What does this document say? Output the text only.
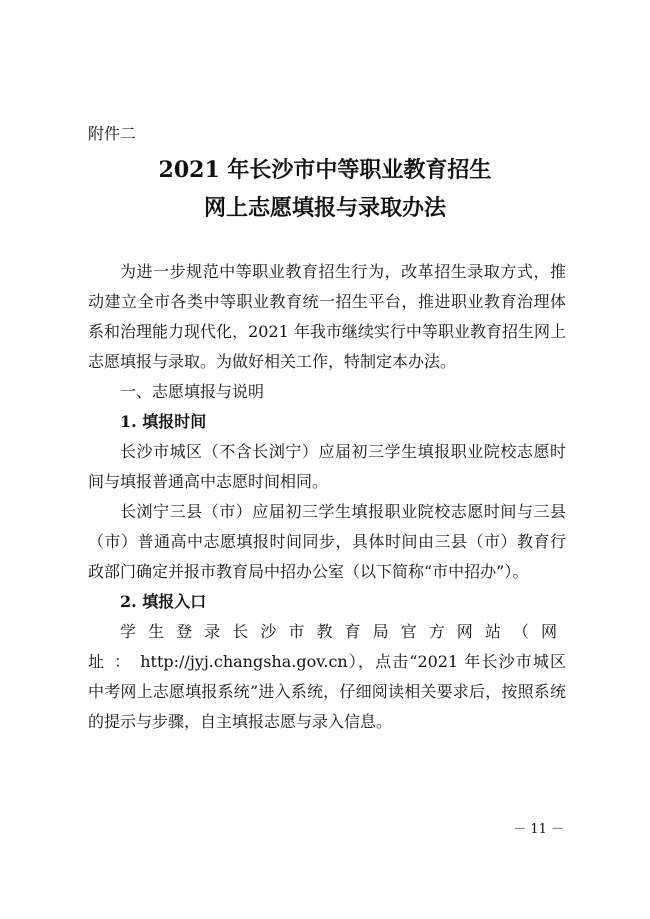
附件二
2021 年长沙市中等职业教育招生
网上志愿填报与录取办法

为进一步规范中等职业教育招生行为，改革招生录取方式，推动建立全市各类中等职业教育统一招生平台，推进职业教育治理体系和治理能力现代化，2021 年我市继续实行中等职业教育招生网上志愿填报与录取。为做好相关工作，特制定本办法。

一、志愿填报与说明

1. 填报时间

长沙市城区（不含长浏宁）应届初三学生填报职业院校志愿时间与填报普通高中志愿时间相同。

长浏宁三县（市）应届初三学生填报职业院校志愿时间与三县（市）普通高中志愿填报时间同步，具体时间由三县（市）教育行政部门确定并报市教育局中招办公室（以下简称“市中招办”）。

2. 填报入口

学生登录长沙市教育局官方网站（网址：http://jyj.changsha.gov.cn），点击“2021 年长沙市城区中考网上志愿填报系统”进入系统，仔细阅读相关要求后，按照系统的提示与步骤，自主填报志愿与录入信息。

－ 11 －
